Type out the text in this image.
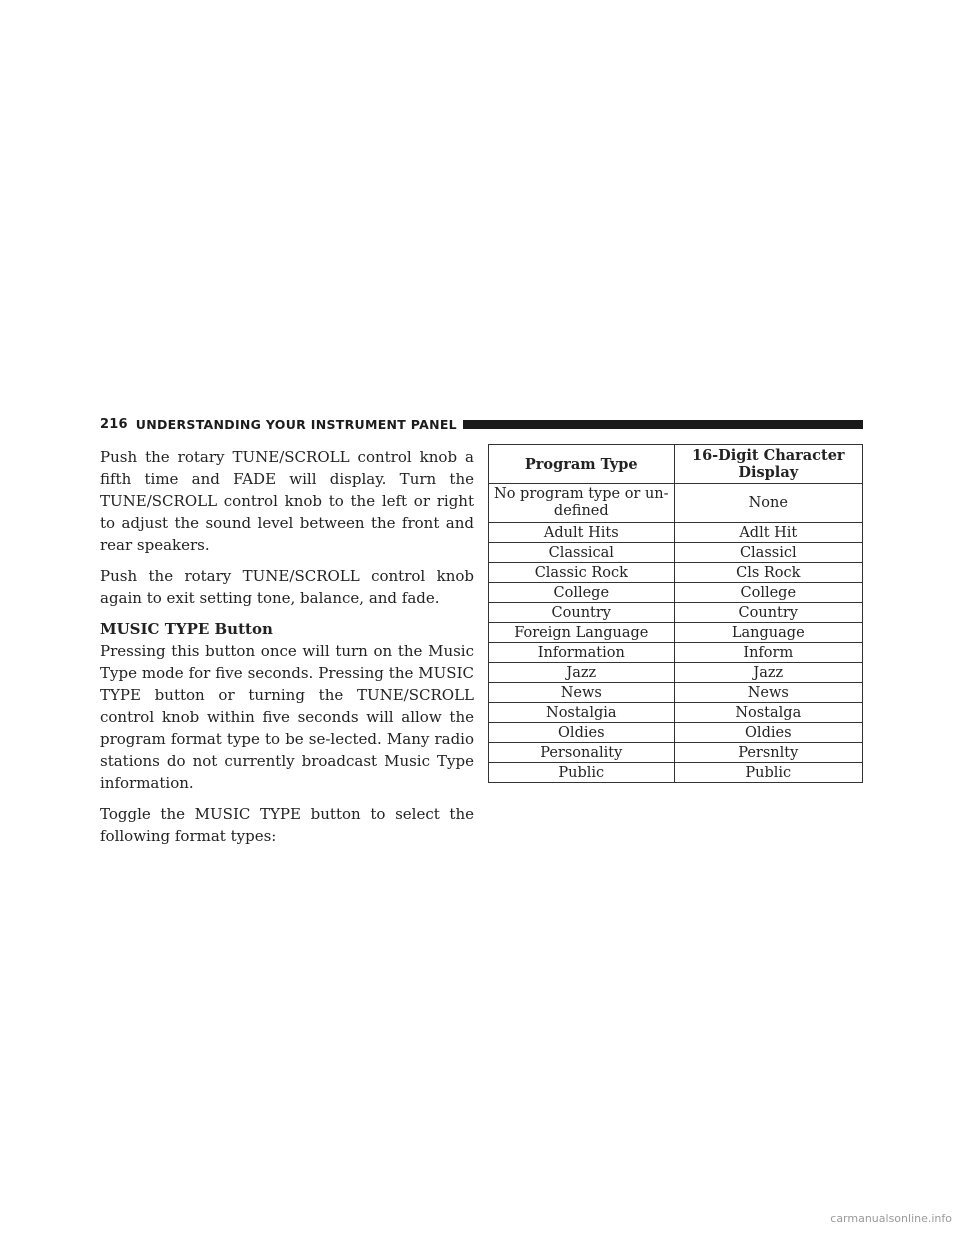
216 UNDERSTANDING YOUR INSTRUMENT PANEL

Push the rotary TUNE/SCROLL control knob a fifth time and FADE will display. Turn the TUNE/SCROLL control knob to the left or right to adjust the sound level between the front and rear speakers.

Push the rotary TUNE/SCROLL control knob again to exit setting tone, balance, and fade.

MUSIC TYPE Button

Pressing this button once will turn on the Music Type mode for five seconds. Pressing the MUSIC TYPE button or turning the TUNE/SCROLL control knob within five seconds will allow the program format type to be se-lected. Many radio stations do not currently broadcast Music Type information.

Toggle the MUSIC TYPE button to select the following format types:

Program Type	16-Digit Character Display
No program type or un-defined	None
Adult Hits	Adlt Hit
Classical	Classicl
Classic Rock	Cls Rock
College	College
Country	Country
Foreign Language	Language
Information	Inform
Jazz	Jazz
News	News
Nostalgia	Nostalga
Oldies	Oldies
Personality	Persnlty
Public	Public
carmanualsonline.info
